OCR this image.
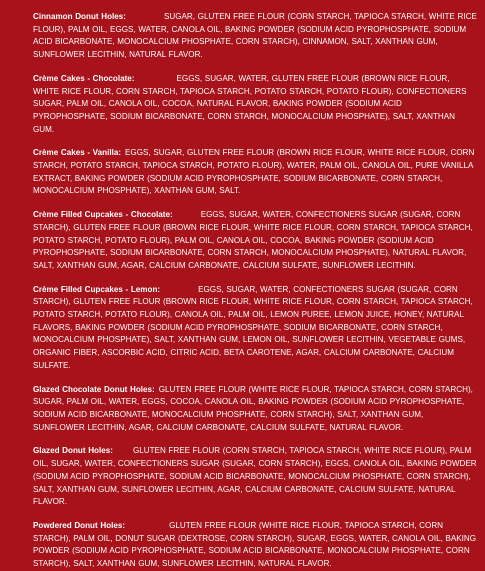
Cinnamon Donut Holes:	SUGAR, GLUTEN FREE FLOUR (CORN STARCH, TAPIOCA STARCH, WHITE RICE FLOUR), PALM OIL, EGGS, WATER, CANOLA OIL, BAKING POWDER (SODIUM ACID PYROPHOSPHATE, SODIUM ACID BICARBONATE, MONOCALCIUM PHOSPHATE, CORN STARCH), CINNAMON, SALT, XANTHAN GUM, SUNFLOWER LECITHIN, NATURAL FLAVOR.

Crème Cakes - Chocolate:	EGGS, SUGAR, WATER, GLUTEN FREE FLOUR (BROWN RICE FLOUR, WHITE RICE FLOUR, CORN STARCH, TAPIOCA STARCH, POTATO STARCH, POTATO FLOUR), CONFECTIONERS SUGAR, PALM OIL, CANOLA OIL, COCOA, NATURAL FLAVOR, BAKING POWDER (SODIUM ACID PYROPHOSPHATE, SODIUM BICARBONATE, CORN STARCH, MONOCALCIUM PHOSPHATE), SALT, XANTHAN GUM.

Crème Cakes - Vanilla: EGGS, SUGAR, GLUTEN FREE FLOUR (BROWN RICE FLOUR, WHITE RICE FLOUR, CORN STARCH, POTATO STARCH, TAPIOCA STARCH, POTATO FLOUR), WATER, PALM OIL, CANOLA OIL, PURE VANILLA EXTRACT, BAKING POWDER (SODIUM ACID PYROPHOSPHATE, SODIUM BICARBONATE, CORN STARCH, MONOCALCIUM PHOSPHATE), XANTHAN GUM, SALT.

Crème Filled Cupcakes - Chocolate:	EGGS, SUGAR, WATER, CONFECTIONERS SUGAR (SUGAR, CORN STARCH), GLUTEN FREE FLOUR (BROWN RICE FLOUR, WHITE RICE FLOUR, CORN STARCH, TAPIOCA STARCH, POTATO STARCH, POTATO FLOUR), PALM OIL, CANOLA OIL, COCOA, BAKING POWDER (SODIUM ACID PYROPHOSPHATE, SODIUM BICARBONATE, CORN STARCH, MONOCALCIUM PHOSPHATE), NATURAL FLAVOR, SALT, XANTHAN GUM, AGAR, CALCIUM CARBONATE, CALCIUM SULFATE, SUNFLOWER LECITHIN.

Crème Filled Cupcakes - Lemon:	EGGS, SUGAR, WATER, CONFECTIONERS SUGAR (SUGAR, CORN STARCH), GLUTEN FREE FLOUR (BROWN RICE FLOUR, WHITE RICE FLOUR, CORN STARCH, TAPIOCA STARCH, POTATO STARCH, POTATO FLOUR), CANOLA OIL, PALM OIL, LEMON PUREE, LEMON JUICE, HONEY, NATURAL FLAVORS, BAKING POWDER (SODIUM ACID PYROPHOSPHATE, SODIUM BICARBONATE, CORN STARCH, MONOCALCIUM PHOSPHATE), SALT, XANTHAN GUM, LEMON OIL, SUNFLOWER LECITHIN, VEGETABLE GUMS, ORGANIC FIBER, ASCORBIC ACID, CITRIC ACID, BETA CAROTENE, AGAR, CALCIUM CARBONATE, CALCIUM SULFATE.

Glazed Chocolate Donut Holes: GLUTEN FREE FLOUR (WHITE RICE FLOUR, TAPIOCA STARCH, CORN STARCH), SUGAR, PALM OIL, WATER, EGGS, COCOA, CANOLA OIL, BAKING POWDER (SODIUM ACID PYROPHOSPHATE, SODIUM ACID BICARBONATE, MONOCALCIUM PHOSPHATE, CORN STARCH), SALT, XANTHAN GUM, SUNFLOWER LECITHIN, AGAR, CALCIUM CARBONATE, CALCIUM SULFATE, NATURAL FLAVOR.

Glazed Donut Holes: GLUTEN FREE FLOUR (CORN STARCH, TAPIOCA STARCH, WHITE RICE FLOUR), PALM OIL, SUGAR, WATER, CONFECTIONERS SUGAR (SUGAR, CORN STARCH), EGGS, CANOLA OIL, BAKING POWDER (SODIUM ACID PYROPHOSPHATE, SODIUM ACID BICARBONATE, MONOCALCIUM PHOSPHATE, CORN STARCH), SALT, XANTHAN GUM, SUNFLOWER LECITHIN, AGAR, CALCIUM CARBONATE, CALCIUM SULFATE, NATURAL FLAVOR.

Powdered Donut Holes:	GLUTEN FREE FLOUR (WHITE RICE FLOUR, TAPIOCA STARCH, CORN STARCH), PALM OIL, DONUT SUGAR (DEXTROSE, CORN STARCH), SUGAR, EGGS, WATER, CANOLA OIL, BAKING POWDER (SODIUM ACID PYROPHOSPHATE, SODIUM ACID BICARBONATE, MONOCALCIUM PHOSPHATE, CORN STARCH), SALT, XANTHAN GUM, SUNFLOWER LECITHIN, NATURAL FLAVOR.
